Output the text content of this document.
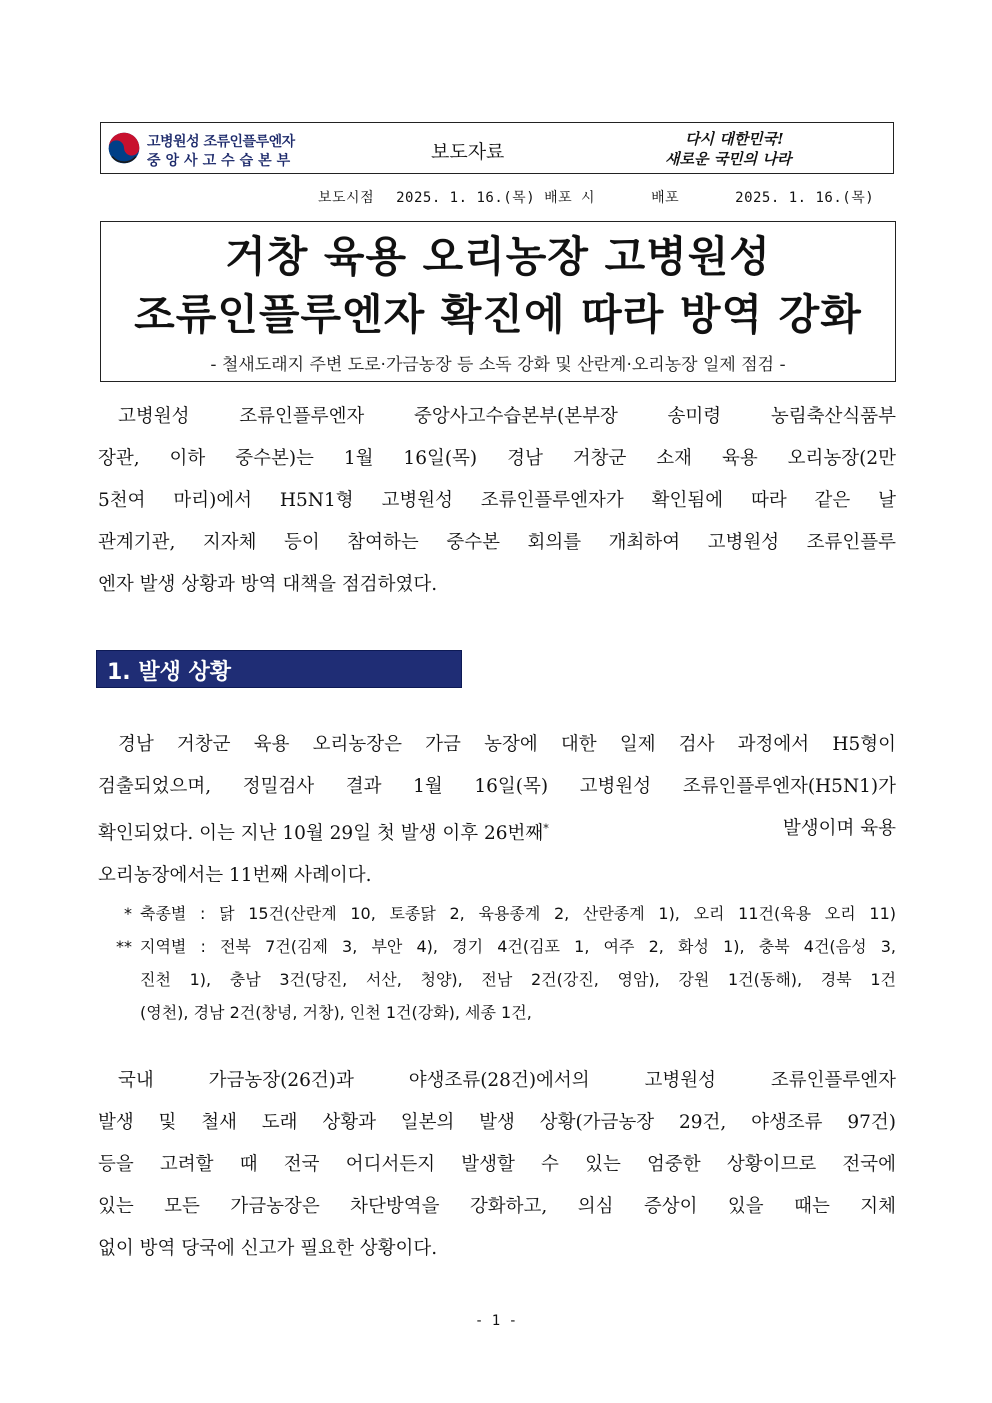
고병원성 조류인플루엔자
중앙사고수습본부	보도자료
다시 대한민국!
새로운 국민의 나라
보도시점 2025. 1. 16.(목) 배포 시	배포	2025. 1. 16.(목)
거창 육용 오리농장 고병원성
조류인플루엔자 확진에 따라 방역 강화
- 철새도래지 주변 도로·가금농장 등 소독 강화 및 산란계·오리농장 일제 점검 -
고병원성 조류인플루엔자 중앙사고수습본부(본부장 송미령 농림축산식품부
장관, 이하 중수본)는 1월 16일(목) 경남 거창군 소재 육용 오리농장(2만
5천여 마리)에서 H5N1형 고병원성 조류인플루엔자가 확인됨에 따라 같은 날
관계기관, 지자체 등이 참여하는 중수본 회의를 개최하여 고병원성 조류인플루
엔자 발생 상황과 방역 대책을 점검하였다.
1. 발생 상황
경남 거창군 육용 오리농장은 가금 농장에 대한 일제 검사 과정에서 H5형이
검출되었으며, 정밀검사 결과 1월 16일(목) 고병원성 조류인플루엔자(H5N1)가
확인되었다. 이는 지난 10월 29일 첫 발생 이후 26번째*	발생이며 육용
오리농장에서는 11번째 사례이다.
* 축종별 : 닭 15건(산란계 10, 토종닭 2, 육용종계 2, 산란종계 1), 오리 11건(육용 오리 11)
** 지역별 : 전북 7건(김제 3, 부안 4), 경기 4건(김포 1, 여주 2, 화성 1), 충북 4건(음성 3,
진천 1), 충남 3건(당진, 서산, 청양), 전남 2건(강진, 영암), 강원 1건(동해), 경북 1건
(영천), 경남 2건(창녕, 거창), 인천 1건(강화), 세종 1건,
국내 가금농장(26건)과 야생조류(28건)에서의 고병원성 조류인플루엔자
발생 및 철새 도래 상황과 일본의 발생 상황(가금농장 29건, 야생조류 97건)
등을 고려할 때 전국 어디서든지 발생할 수 있는 엄중한 상황이므로 전국에
있는 모든 가금농장은 차단방역을 강화하고, 의심 증상이 있을 때는 지체
없이 방역 당국에 신고가 필요한 상황이다.
- 1 -
